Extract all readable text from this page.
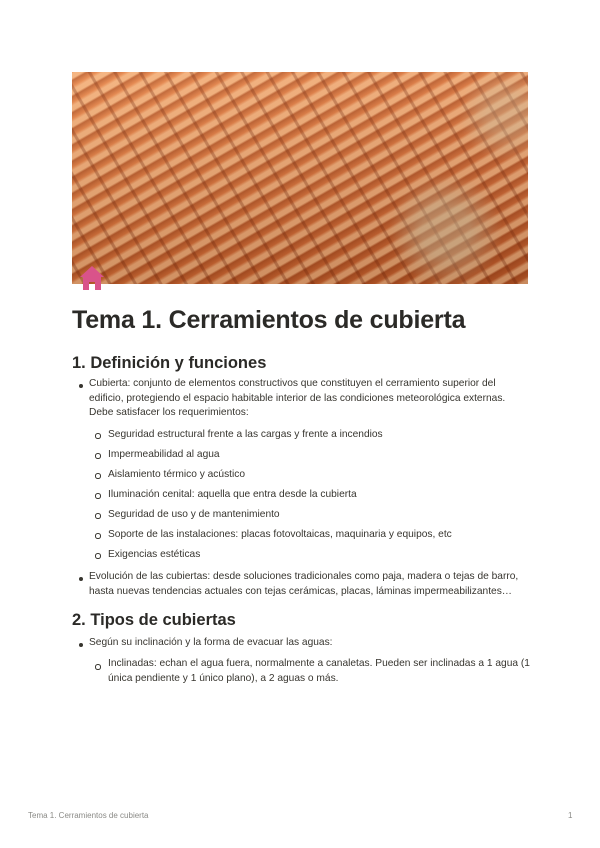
Tema 1. Cerramientos de cubierta
1. Definición y funciones
Cubierta: conjunto de elementos constructivos que constituyen el cerramiento superior del edificio, protegiendo el espacio habitable interior de las condiciones meteorológica externas. Debe satisfacer los requerimientos:
Seguridad estructural frente a las cargas y frente a incendios
Impermeabilidad al agua
Aislamiento térmico y acústico
Iluminación cenital: aquella que entra desde la cubierta
Seguridad de uso y de mantenimiento
Soporte de las instalaciones: placas fotovoltaicas, maquinaria y equipos, etc
Exigencias estéticas
Evolución de las cubiertas: desde soluciones tradicionales como paja, madera o tejas de barro, hasta nuevas tendencias actuales con tejas cerámicas, placas, láminas impermeabilizantes…
2. Tipos de cubiertas
Según su inclinación y la forma de evacuar las aguas:
Inclinadas: echan el agua fuera, normalmente a canaletas. Pueden ser inclinadas a 1 agua (1 única pendiente y 1 único plano), a 2 aguas o más.
Tema 1. Cerramientos de cubierta	1
